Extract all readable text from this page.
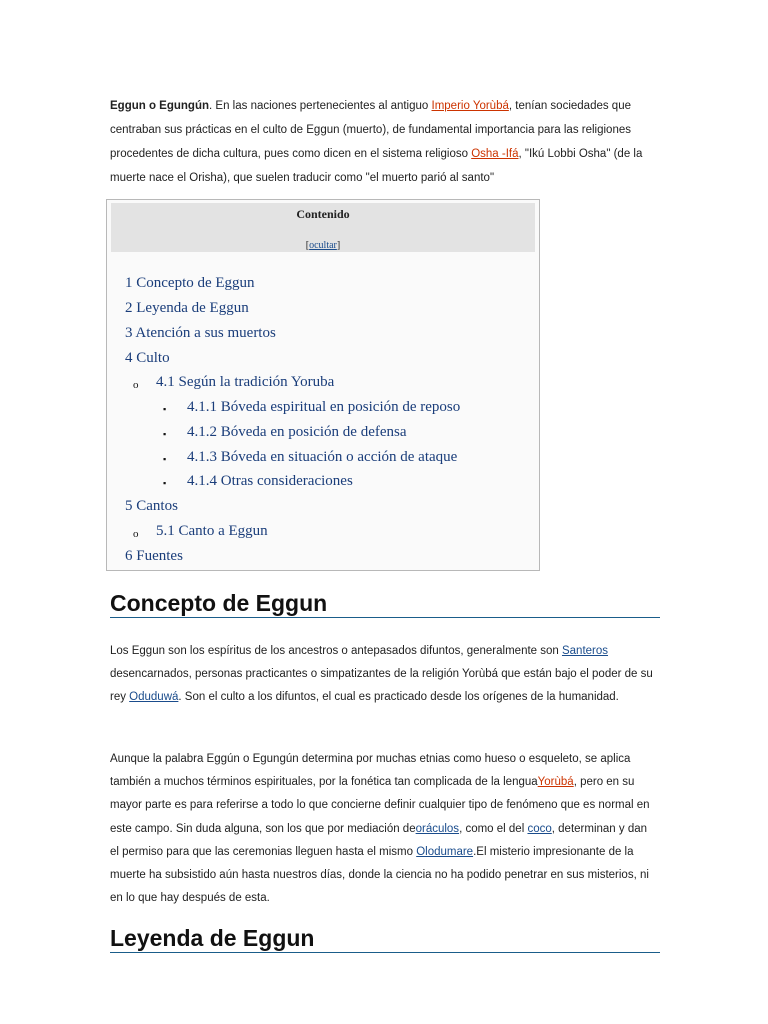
Eggun o Egungún. En las naciones pertenecientes al antiguo Imperio Yorùbá, tenían sociedades que centraban sus prácticas en el culto de Eggun (muerto), de fundamental importancia para las religiones procedentes de dicha cultura, pues como dicen en el sistema religioso Osha -Ifá, "Ikú Lobbi Osha" (de la muerte nace el Orisha), que suelen traducir como "el muerto parió al santo"

Contenido
[ocultar]
1 Concepto de Eggun
2 Leyenda de Eggun
3 Atención a sus muertos
4 Culto
o 4.1 Según la tradición Yoruba
▪ 4.1.1 Bóveda espiritual en posición de reposo
▪ 4.1.2 Bóveda en posición de defensa
▪ 4.1.3 Bóveda en situación o acción de ataque
▪ 4.1.4 Otras consideraciones
5 Cantos
o 5.1 Canto a Eggun
6 Fuentes
Concepto de Eggun

Los Eggun son los espíritus de los ancestros o antepasados difuntos, generalmente son Santeros desencarnados, personas practicantes o simpatizantes de la religión Yorùbá que están bajo el poder de su rey Oduduwá. Son el culto a los difuntos, el cual es practicado desde los orígenes de la humanidad.

Aunque la palabra Eggún o Egungún determina por muchas etnias como hueso o esqueleto, se aplica también a muchos términos espirituales, por la fonética tan complicada de la lenguaYorùbá, pero en su mayor parte es para referirse a todo lo que concierne definir cualquier tipo de fenómeno que es normal en este campo. Sin duda alguna, son los que por mediación deoráculos, como el del coco, determinan y dan el permiso para que las ceremonias lleguen hasta el mismo Olodumare.El misterio impresionante de la muerte ha subsistido aún hasta nuestros días, donde la ciencia no ha podido penetrar en sus misterios, ni en lo que hay después de esta.

Leyenda de Eggun
